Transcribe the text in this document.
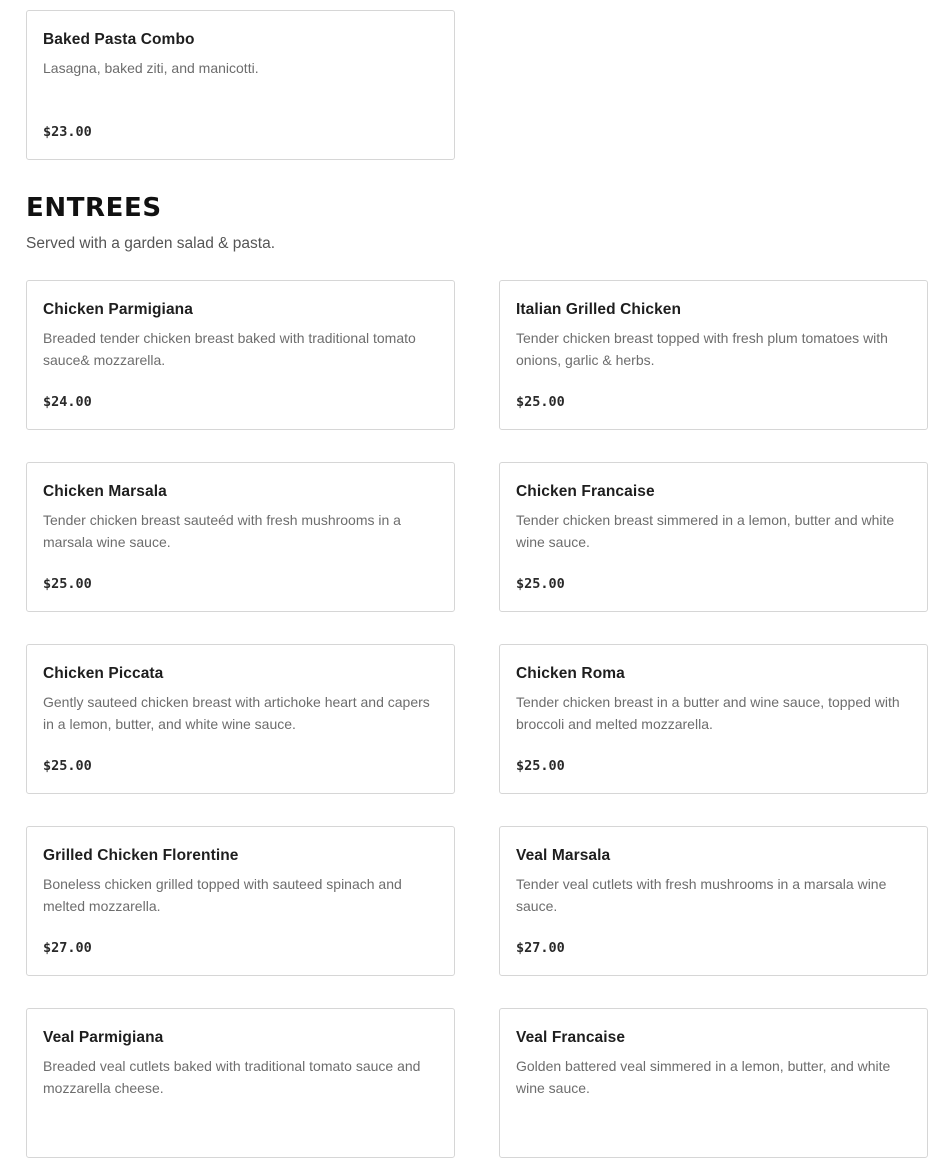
Baked Pasta Combo
Lasagna, baked ziti, and manicotti.
$23.00
ENTREES

Served with a garden salad & pasta.

Chicken Parmigiana
Breaded tender chicken breast baked with traditional tomato sauce& mozzarella.
$24.00
Italian Grilled Chicken
Tender chicken breast topped with fresh plum tomatoes with onions, garlic & herbs.
$25.00
Chicken Marsala
Tender chicken breast sauteéd with fresh mushrooms in a marsala wine sauce.
$25.00
Chicken Francaise
Tender chicken breast simmered in a lemon, butter and white wine sauce.
$25.00
Chicken Piccata
Gently sauteed chicken breast with artichoke heart and capers in a lemon, butter, and white wine sauce.
$25.00
Chicken Roma
Tender chicken breast in a butter and wine sauce, topped with broccoli and melted mozzarella.
$25.00
Grilled Chicken Florentine
Boneless chicken grilled topped with sauteed spinach and melted mozzarella.
$27.00
Veal Marsala
Tender veal cutlets with fresh mushrooms in a marsala wine sauce.
$27.00
Veal Parmigiana
Breaded veal cutlets baked with traditional tomato sauce and mozzarella cheese.
Veal Francaise
Golden battered veal simmered in a lemon, butter, and white wine sauce.
